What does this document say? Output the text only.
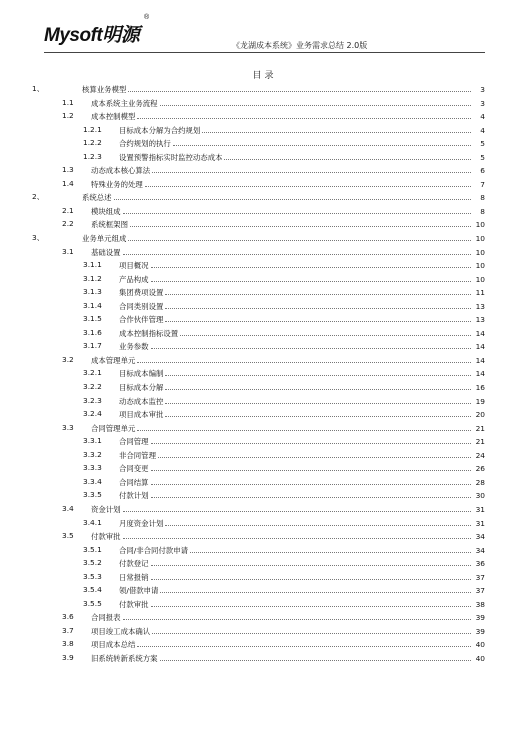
Mysoft明源
®
《龙湖成本系统》业务需求总结 2.0版
目录
1、	核算业务模型	3
1.1 成本系统主业务流程	3
1.2 成本控制模型	4
1.2.1 目标成本分解为合约规划	4
1.2.2 合约规划的执行	5
1.2.3 设置预警指标实时监控动态成本	5
1.3 动态成本核心算法	6
1.4 特殊业务的处理	7
2、	系统总述	8
2.1 模块组成	8
2.2 系统框架图	10
3、	业务单元组成	10
3.1 基础设置	10
3.1.1 项目概况	10
3.1.2 产品构成	10
3.1.3 集团费项设置	11
3.1.4 合同类别设置	13
3.1.5 合作伙伴管理	13
3.1.6 成本控制指标设置	14
3.1.7 业务参数	14
3.2 成本管理单元	14
3.2.1 目标成本编制	14
3.2.2 目标成本分解	16
3.2.3 动态成本监控	19
3.2.4 项目成本审批	20
3.3 合同管理单元	21
3.3.1 合同管理	21
3.3.2 非合同管理	24
3.3.3 合同变更	26
3.3.4 合同结算	28
3.3.5 付款计划	30
3.4 资金计划	31
3.4.1 月度资金计划	31
3.5 付款审批	34
3.5.1 合同/非合同付款申请	34
3.5.2 付款登记	36
3.5.3 日常报销	37
3.5.4 领/借款申请	37
3.5.5 付款审批	38
3.6 合同报表	39
3.7 项目竣工成本确认	39
3.8 项目成本总结	40
3.9 旧系统转新系统方案	40
